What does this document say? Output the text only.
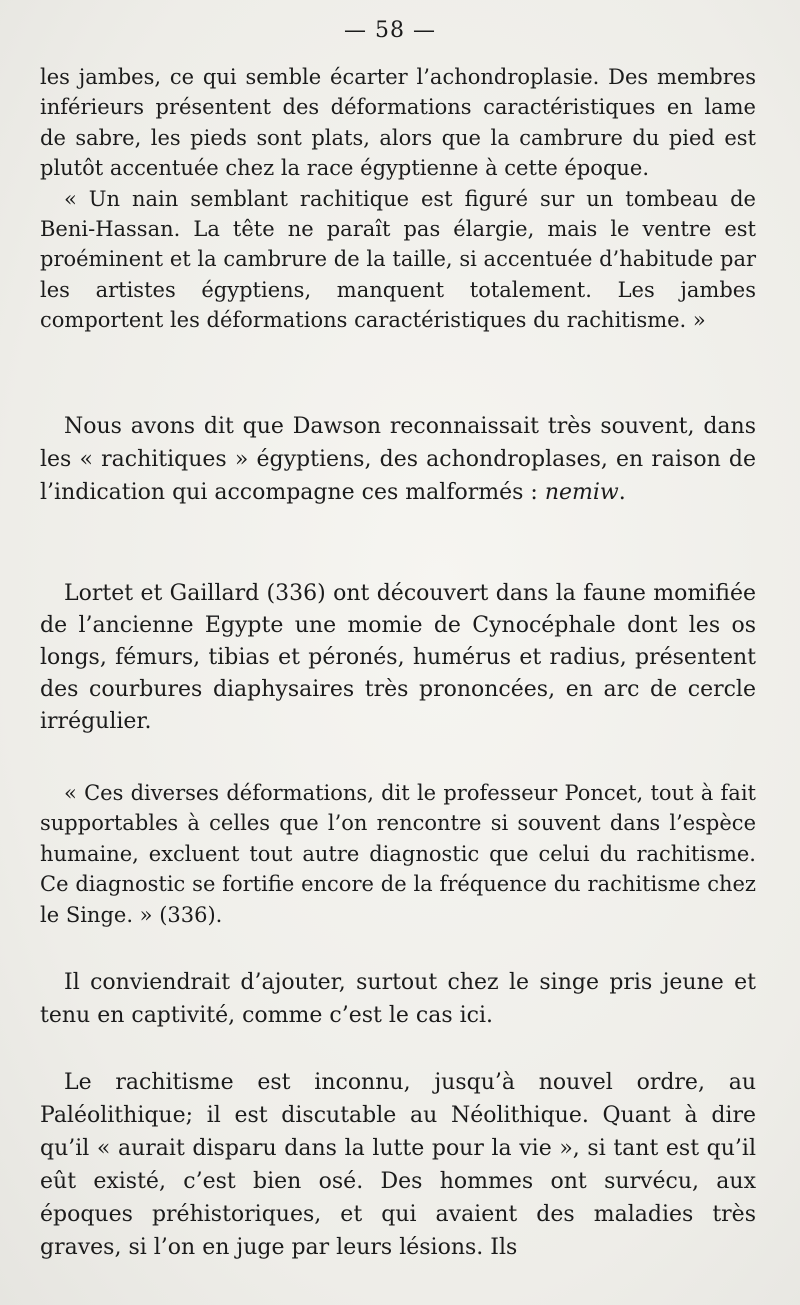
— 58 —

les jambes, ce qui semble écarter l’achondroplasie. Des membres inférieurs présentent des déformations caractéristiques en lame de sabre, les pieds sont plats, alors que la cambrure du pied est plutôt accentuée chez la race égyptienne à cette époque.

« Un nain semblant rachitique est figuré sur un tombeau de Beni-Hassan. La tête ne paraît pas élargie, mais le ventre est proéminent et la cambrure de la taille, si accentuée d’habitude par les artistes égyptiens, manquent totalement. Les jambes comportent les déformations caractéristiques du rachitisme. »

Nous avons dit que Dawson reconnaissait très souvent, dans les « rachitiques » égyptiens, des achondroplases, en raison de l’indication qui accompagne ces malformés : nemiw.

Lortet et Gaillard (336) ont découvert dans la faune momifiée de l’ancienne Egypte une momie de Cynocéphale dont les os longs, fémurs, tibias et péronés, humérus et radius, présentent des courbures diaphysaires très prononcées, en arc de cercle irrégulier.

« Ces diverses déformations, dit le professeur Poncet, tout à fait supportables à celles que l’on rencontre si souvent dans l’espèce humaine, excluent tout autre diagnostic que celui du rachitisme. Ce diagnostic se fortifie encore de la fréquence du rachitisme chez le Singe. » (336).

Il conviendrait d’ajouter, surtout chez le singe pris jeune et tenu en captivité, comme c’est le cas ici.

Le rachitisme est inconnu, jusqu’à nouvel ordre, au Paléolithique; il est discutable au Néolithique. Quant à dire qu’il « aurait disparu dans la lutte pour la vie », si tant est qu’il eût existé, c’est bien osé. Des hommes ont survécu, aux époques préhistoriques, et qui avaient des maladies très graves, si l’on en juge par leurs lésions. Ils
